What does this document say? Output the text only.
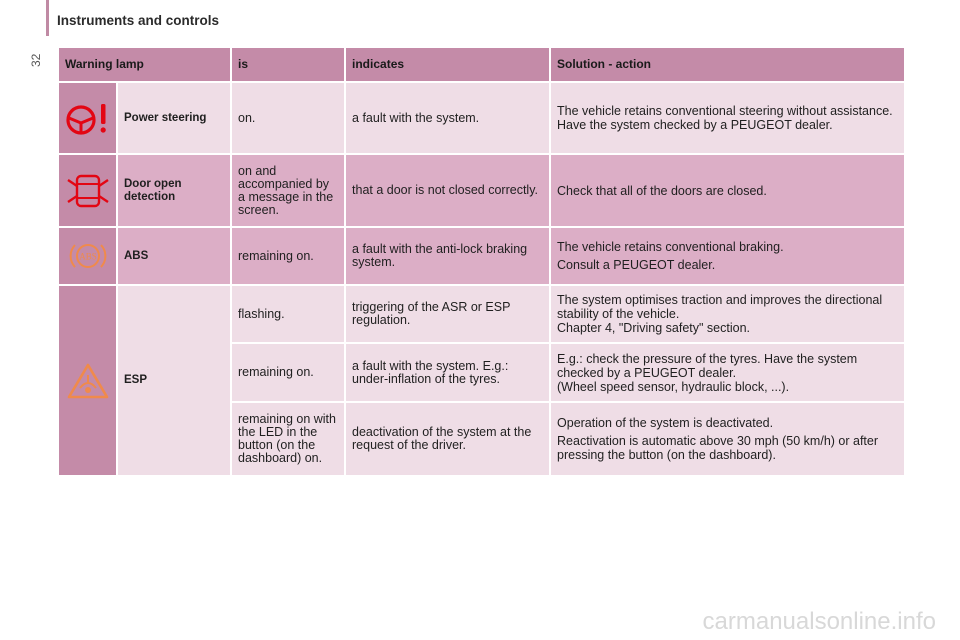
32
Instruments and controls
Warning lamp		is	indicates	Solution - action

	Power steering	on.	a fault with the system.	The vehicle retains conventional steering without assistance. Have the system checked by a PEUGEOT dealer.

	Door open detection	on and accompanied by a message in the screen.	that a door is not closed correctly.	Check that all of the doors are closed.

ABS	ABS	remaining on.	a fault with the anti-lock braking system.	The vehicle retains conventional braking.
Consult a PEUGEOT dealer.

	ESP	flashing.	triggering of the ASR or ESP regulation.	The system optimises traction and improves the directional stability of the vehicle.
Chapter 4, "Driving safety" section.

		remaining on.	a fault with the system. E.g.: under-inflation of the tyres.	E.g.: check the pressure of the tyres. Have the system checked by a PEUGEOT dealer.
(Wheel speed sensor, hydraulic block, ...).

		remaining on with the LED in the button (on the dashboard) on.	deactivation of the system at the request of the driver.	Operation of the system is deactivated.
Reactivation is automatic above 30 mph (50 km/h) or after pressing the button (on the dashboard).
carmanualsonline.info
